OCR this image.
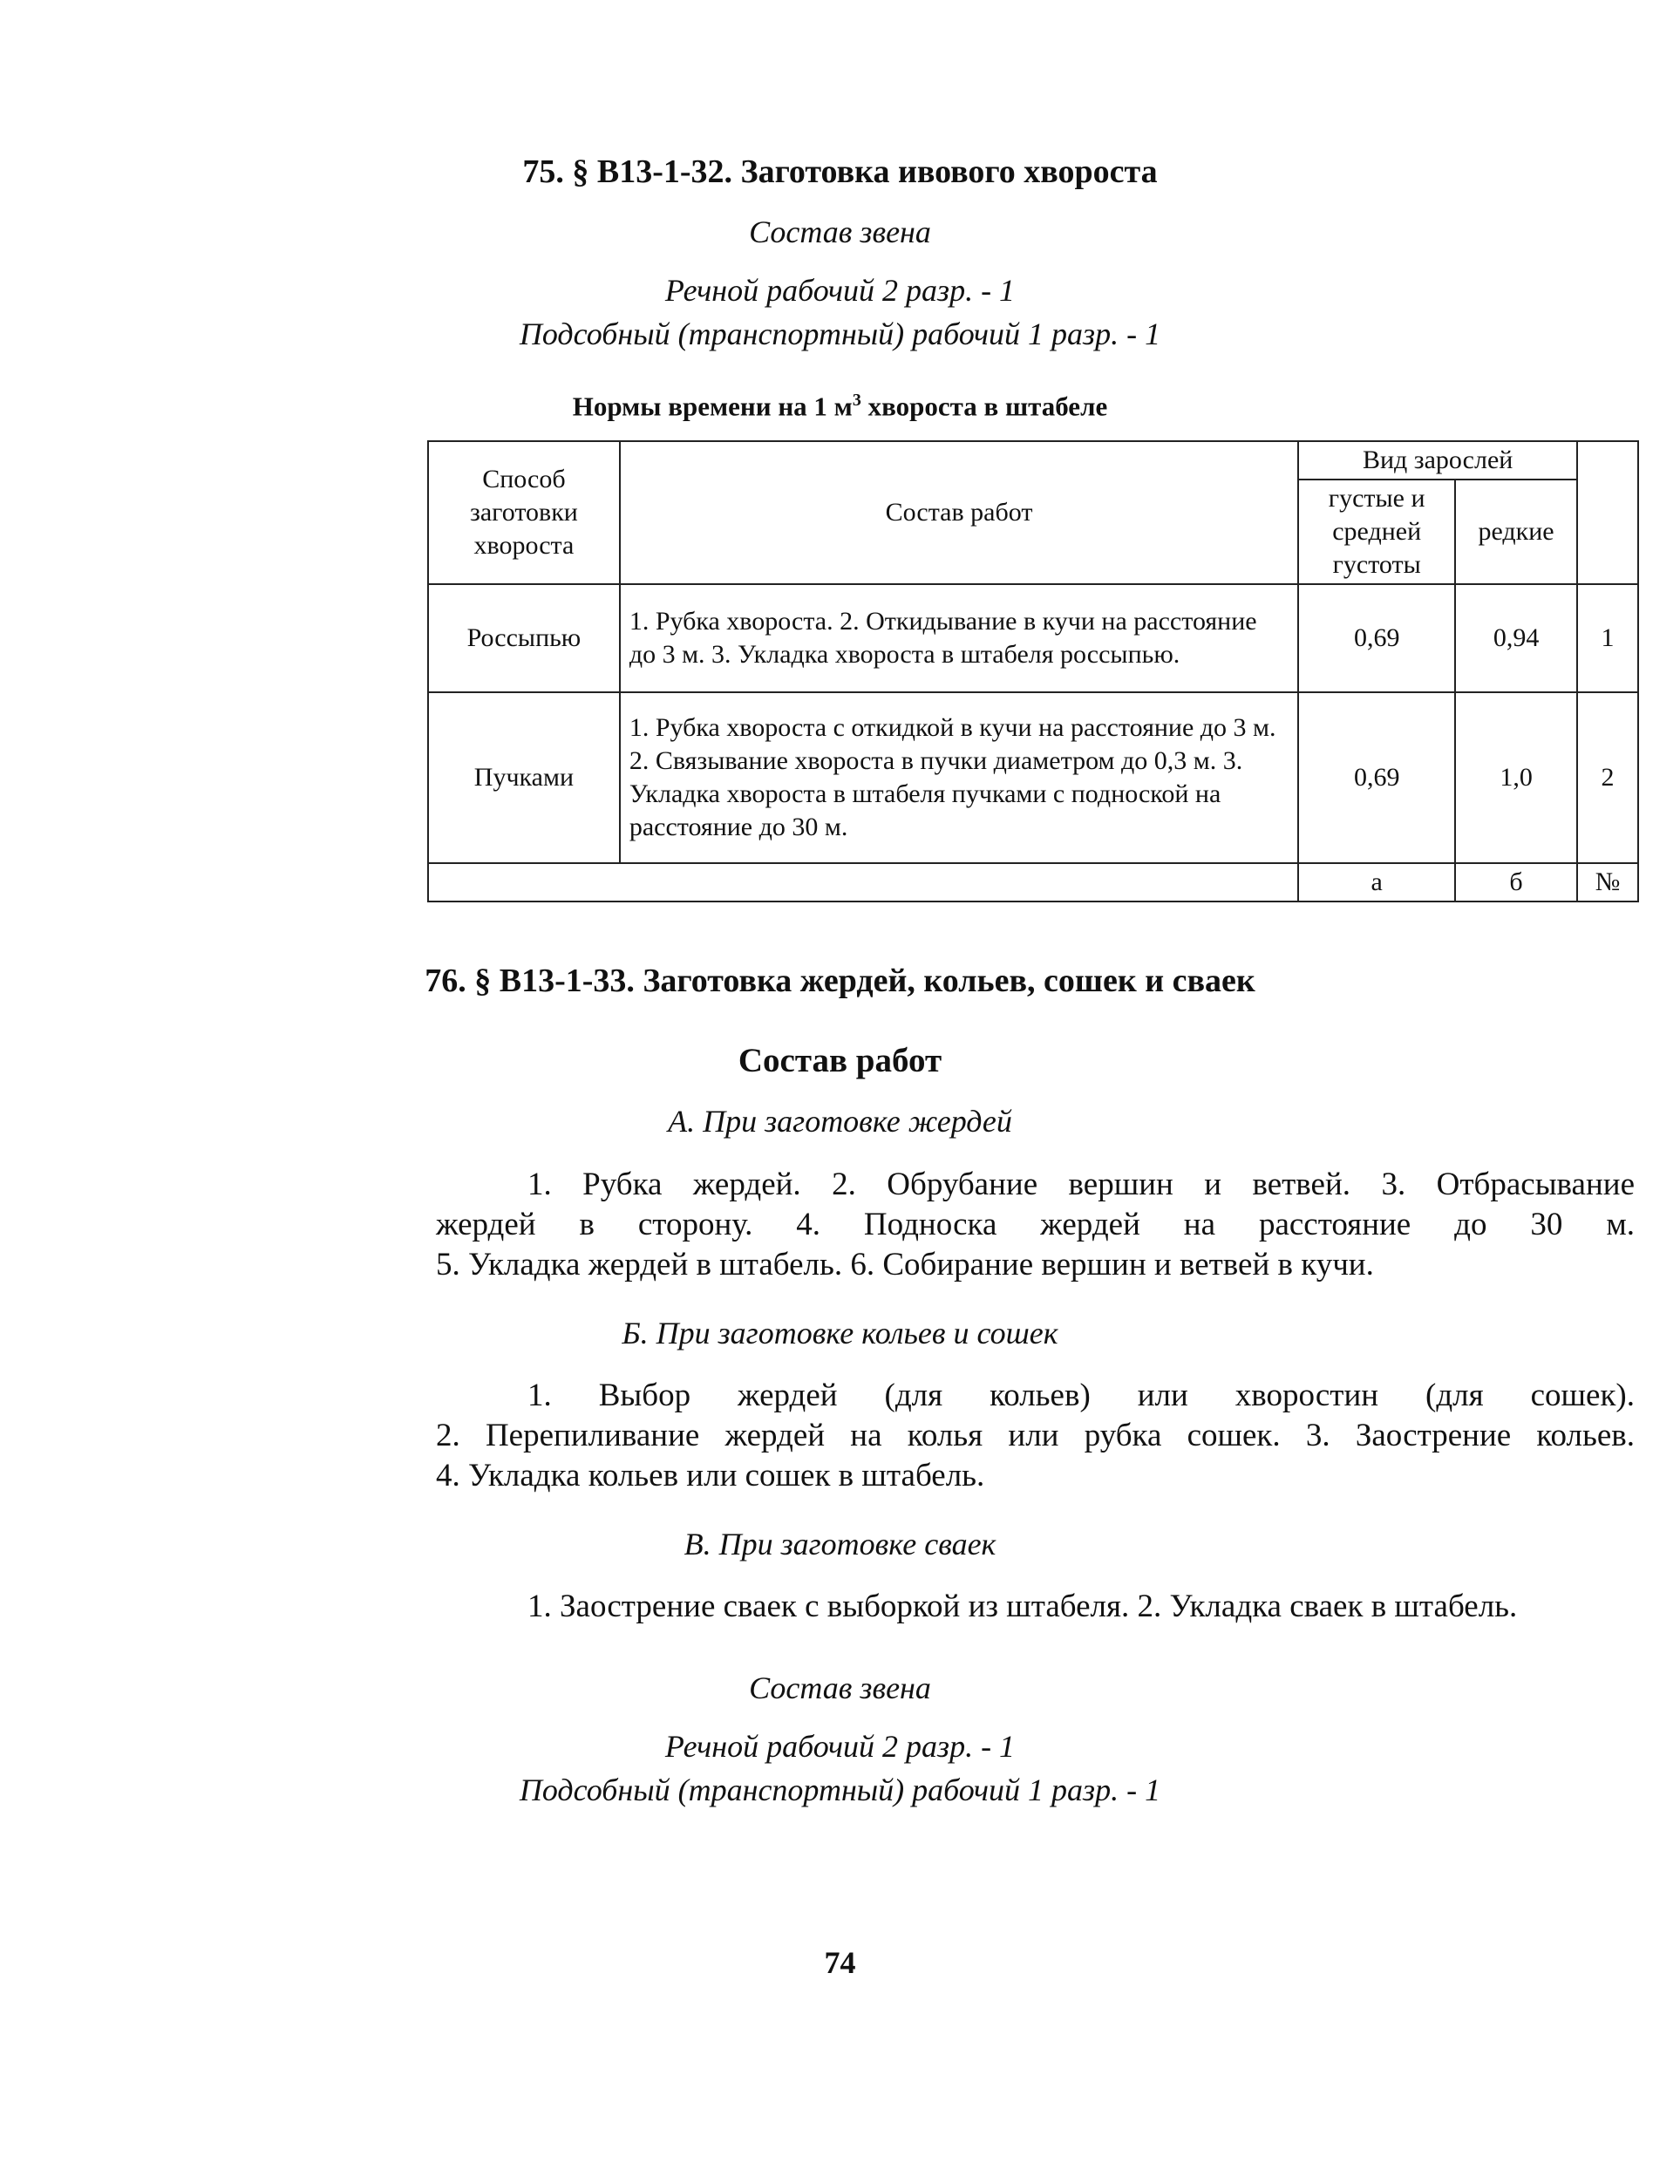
75. § В13-1-32. Заготовка ивового хвороста
Состав звена
Речной рабочий 2 разр. - 1
Подсобный (транспортный) рабочий 1 разр. - 1
Нормы времени на 1 $м^3$ хвороста в штабеле
Способ заготовки хвороста	Состав работ	Вид зарослей		
		густые и средней густоты	редкие	
Россыпью	1. Рубка хвороста. 2. Откидывание в кучи на расстояние до 3 м. 3. Укладка хвороста в штабеля россыпью.	0,69	0,94	1
Пучками	1. Рубка хвороста с откидкой в кучи на расстояние до 3 м. 2. Связывание хвороста в пучки диаметром до 0,3 м. 3. Укладка хвороста в штабеля пучками с подноской на расстояние до 30 м.	0,69	1,0	2
		а	б	№
76. § В13-1-33. Заготовка жердей, кольев, сошек и сваек
Состав работ
А. При заготовке жердей
1. Рубка жердей. 2. Обрубание вершин и ветвей. 3. Отбрасывание
жердей в сторону. 4. Подноска жердей на расстояние до 30 м.
5. Укладка жердей в штабель. 6. Собирание вершин и ветвей в кучи.
Б. При заготовке кольев и сошек
1. Выбор жердей (для кольев) или хворостин (для сошек).
2. Перепиливание жердей на колья или рубка сошек. 3. Заострение кольев.
4. Укладка кольев или сошек в штабель.
В. При заготовке сваек
1. Заострение сваек с выборкой из штабеля. 2. Укладка сваек в штабель.
Состав звена
Речной рабочий 2 разр. - 1
Подсобный (транспортный) рабочий 1 разр. - 1
74
